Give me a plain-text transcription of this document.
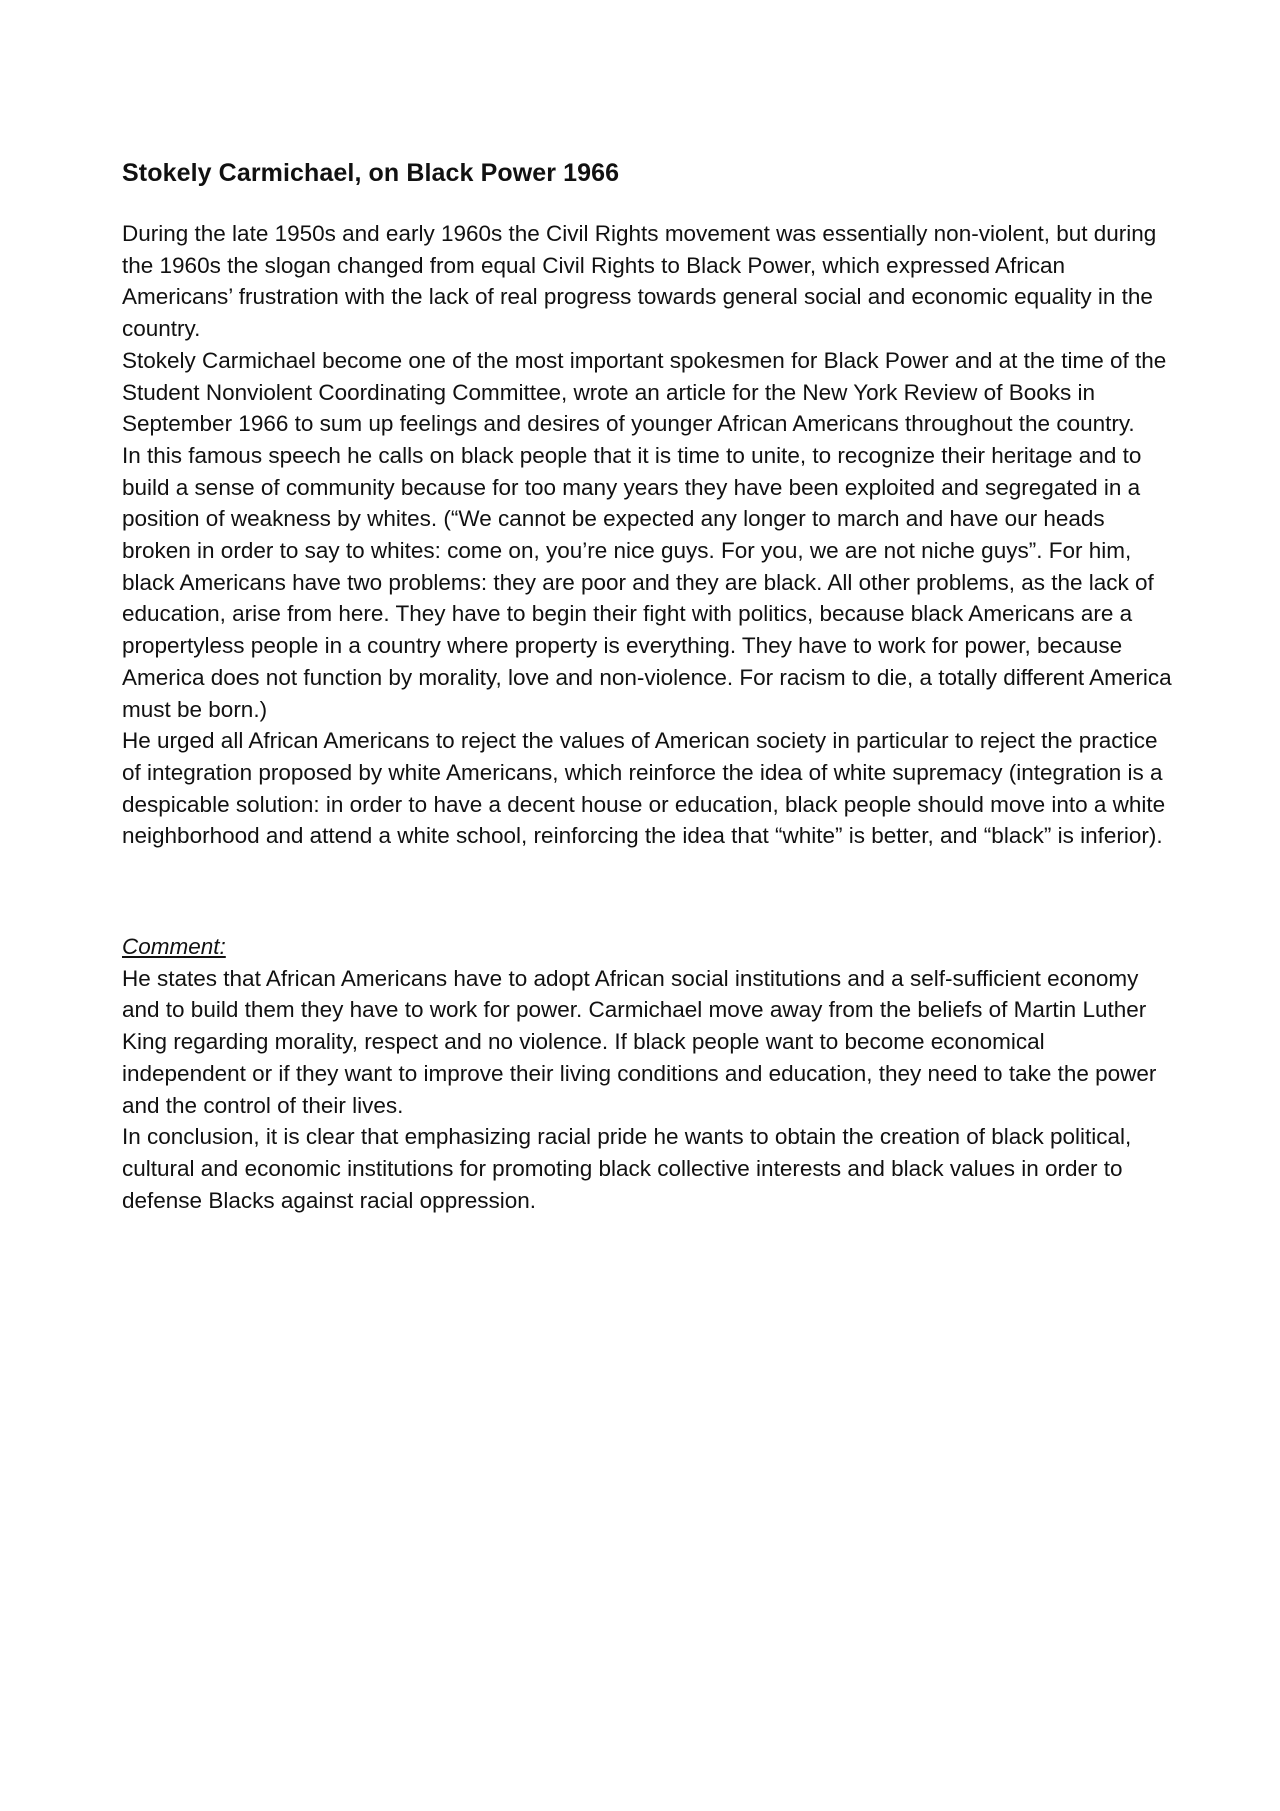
Stokely Carmichael, on Black Power 1966

During the late 1950s and early 1960s the Civil Rights movement was essentially non-violent, but during the 1960s the slogan changed from equal Civil Rights to Black Power, which expressed African Americans’ frustration with the lack of real progress towards general social and economic equality in the country.

Stokely Carmichael become one of the most important spokesmen for Black Power and at the time of the Student Nonviolent Coordinating Committee, wrote an article for the New York Review of Books in September 1966 to sum up feelings and desires of younger African Americans throughout the country.

In this famous speech he calls on black people that it is time to unite, to recognize their heritage and to build a sense of community because for too many years they have been exploited and segregated in a position of weakness by whites. (“We cannot be expected any longer to march and have our heads broken in order to say to whites: come on, you’re nice guys. For you, we are not niche guys”. For him, black Americans have two problems: they are poor and they are black. All other problems, as the lack of education, arise from here. They have to begin their fight with politics, because black Americans are a propertyless people in a country where property is everything. They have to work for power, because America does not function by morality, love and non-violence. For racism to die, a totally different America must be born.)

He urged all African Americans to reject the values of American society in particular to reject the practice of integration proposed by white Americans, which reinforce the idea of white supremacy (integration is a despicable solution: in order to have a decent house or education, black people should move into a white neighborhood and attend a white school, reinforcing the idea that “white” is better, and “black” is inferior).

Comment:

He states that African Americans have to adopt African social institutions and a self-sufficient economy and to build them they have to work for power. Carmichael move away from the beliefs of Martin Luther King regarding morality, respect and no violence. If black people want to become economical independent or if they want to improve their living conditions and education, they need to take the power and the control of their lives.

In conclusion, it is clear that emphasizing racial pride he wants to obtain the creation of black political, cultural and economic institutions for promoting black collective interests and black values in order to defense Blacks against racial oppression.
